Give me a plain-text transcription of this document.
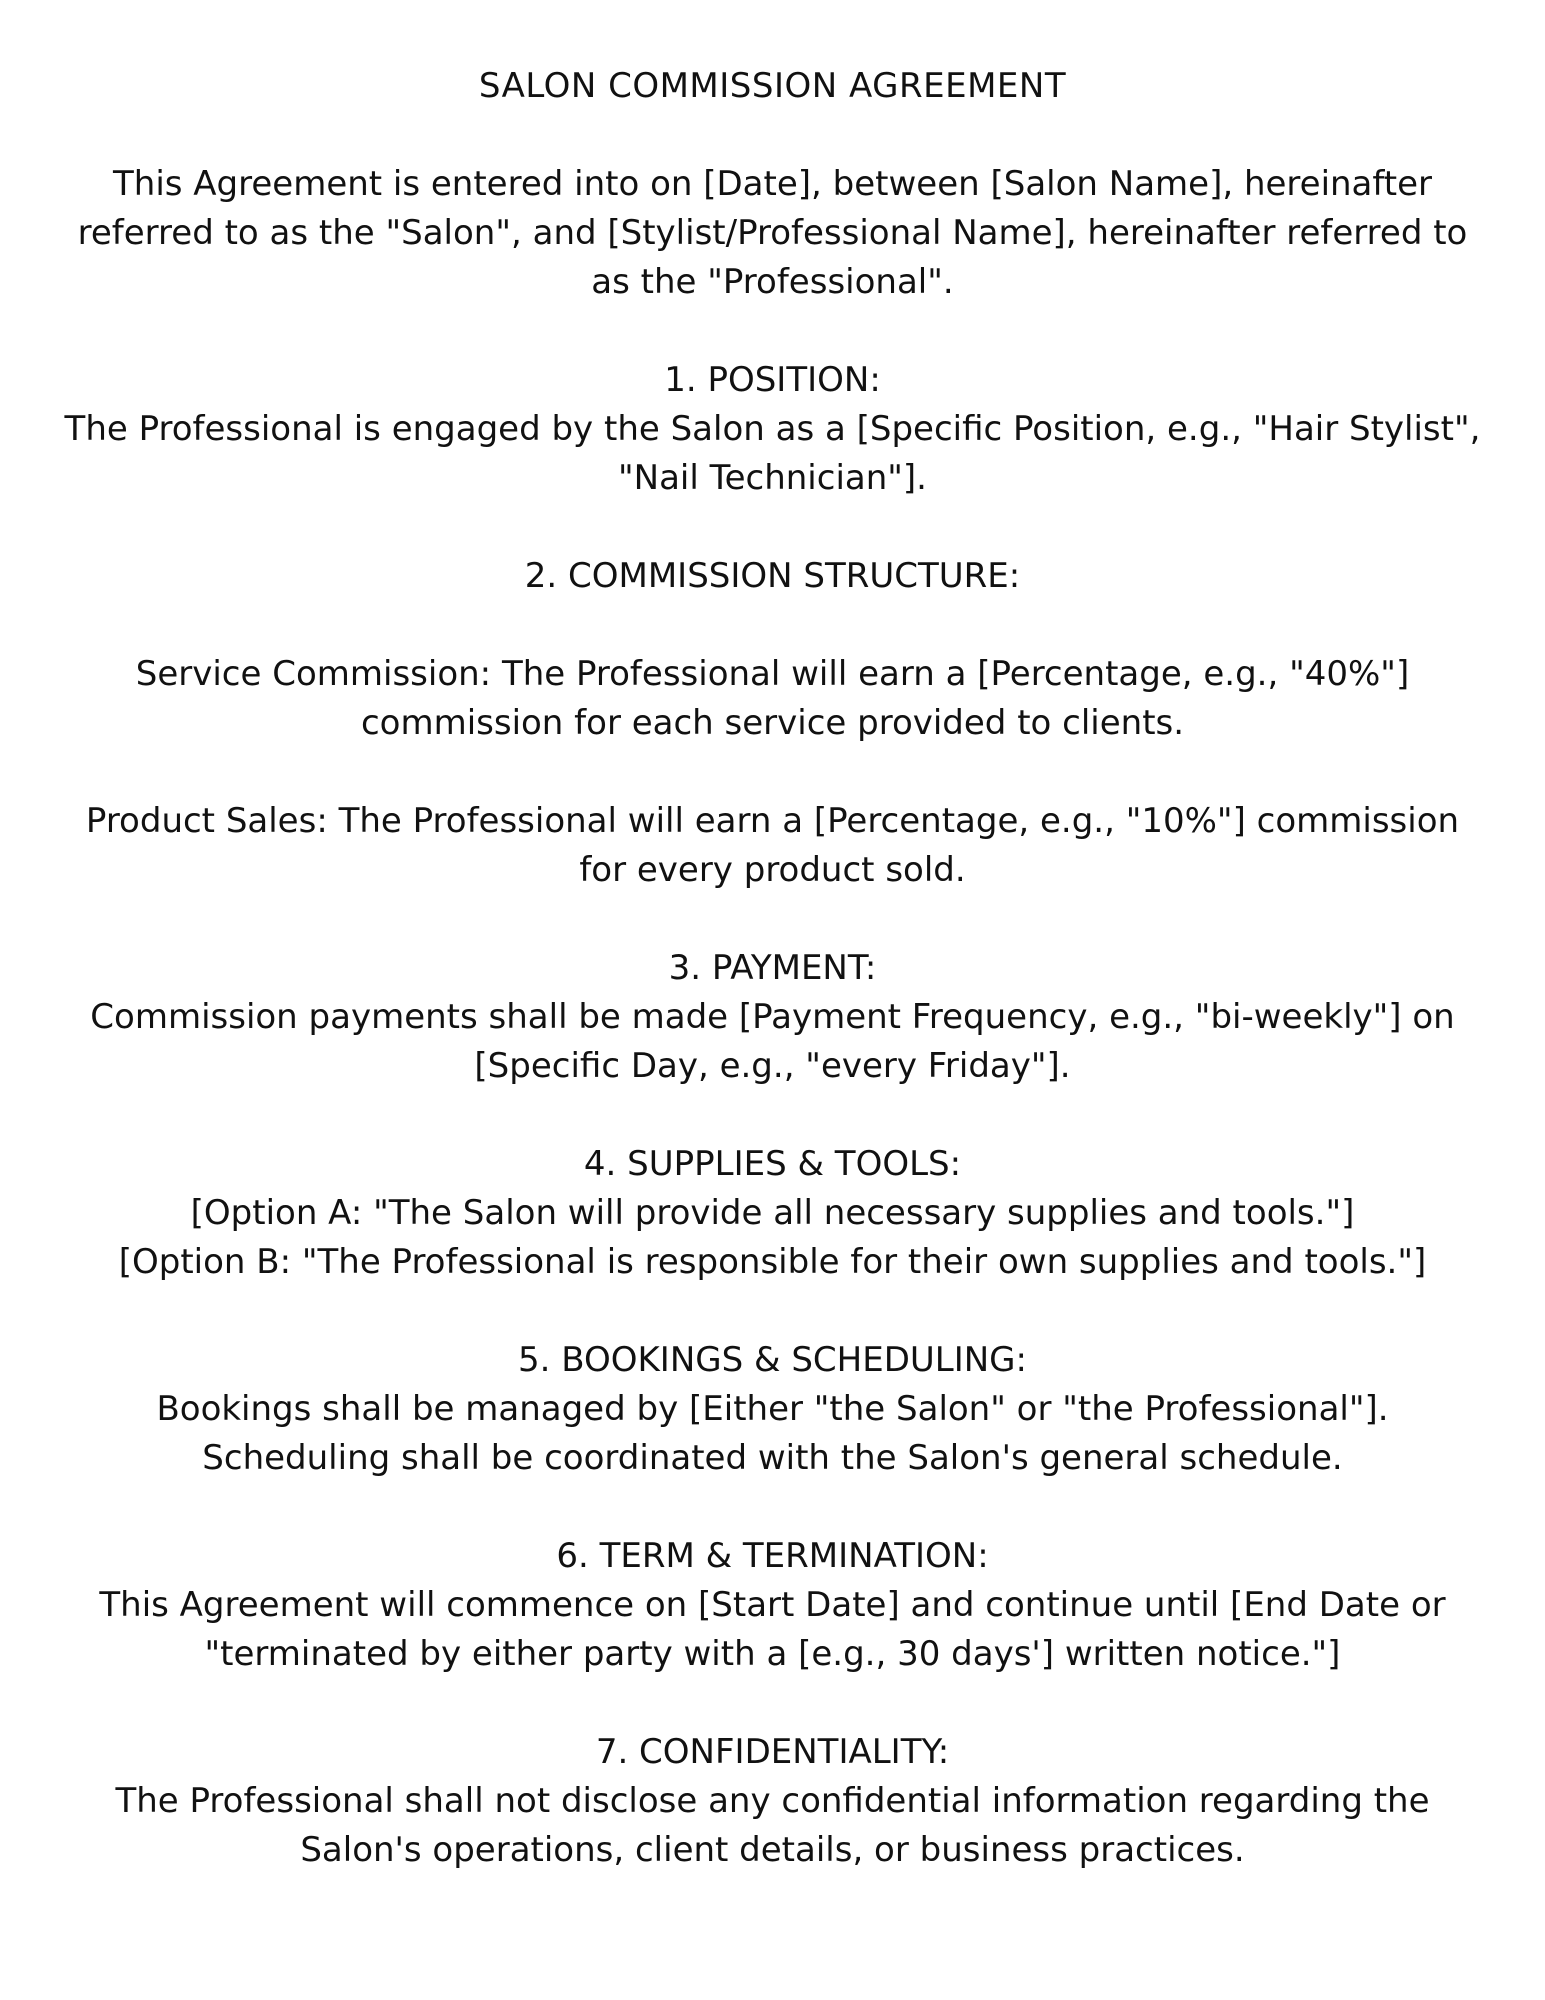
SALON COMMISSION AGREEMENT
This Agreement is entered into on [Date], between [Salon Name], hereinafter
referred to as the "Salon", and [Stylist/Professional Name], hereinafter referred to
as the "Professional".
1. POSITION:
The Professional is engaged by the Salon as a [Specific Position, e.g., "Hair Stylist",
"Nail Technician"].
2. COMMISSION STRUCTURE:
Service Commission: The Professional will earn a [Percentage, e.g., "40%"]
commission for each service provided to clients.
Product Sales: The Professional will earn a [Percentage, e.g., "10%"] commission
for every product sold.
3. PAYMENT:
Commission payments shall be made [Payment Frequency, e.g., "bi-weekly"] on
[Specific Day, e.g., "every Friday"].
4. SUPPLIES & TOOLS:
[Option A: "The Salon will provide all necessary supplies and tools."]
[Option B: "The Professional is responsible for their own supplies and tools."]
5. BOOKINGS & SCHEDULING:
Bookings shall be managed by [Either "the Salon" or "the Professional"].
Scheduling shall be coordinated with the Salon's general schedule.
6. TERM & TERMINATION:
This Agreement will commence on [Start Date] and continue until [End Date or
"terminated by either party with a [e.g., 30 days'] written notice."]
7. CONFIDENTIALITY:
The Professional shall not disclose any confidential information regarding the
Salon's operations, client details, or business practices.
